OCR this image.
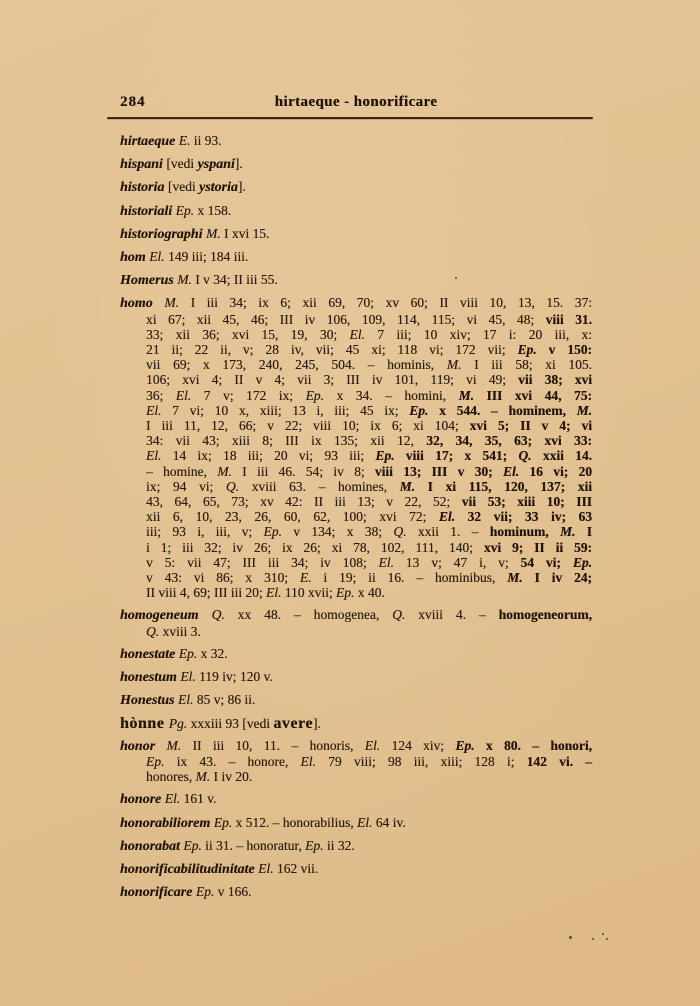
284	hirtaeque - honorificare
hirtaeque E. ii 93.
hispani [vedi yspani].
historia [vedi ystoria].
historiali Ep. x 158.
historiographi M. I xvi 15.
hom El. 149 iii; 184 iii.
Homerus M. I v 34; II iii 55.
homo M. I iii 34; ix 6; xii 69, 70; xv 60; II viii 10, 13, 15. 37:
xi 67; xii 45, 46; III iv 106, 109, 114, 115; vi 45, 48; viii 31.
33; xii 36; xvi 15, 19, 30; El. 7 iii; 10 xiv; 17 i: 20 iii, x:
21 ii; 22 ii, v; 28 iv, vii; 45 xi; 118 vi; 172 vii; Ep. v 150:
vii 69; x 173, 240, 245, 504. – hominis, M. I iii 58; xi 105.
106; xvi 4; II v 4; vii 3; III iv 101, 119; vi 49; vii 38; xvi
36; El. 7 v; 172 ix; Ep. x 34. – homini, M. III xvi 44, 75:
El. 7 vi; 10 x, xiii; 13 i, iii; 45 ix; Ep. x 544. – hominem, M.
I iii 11, 12, 66; v 22; viii 10; ix 6; xi 104; xvi 5; II v 4; vi
34: vii 43; xiii 8; III ix 135; xii 12, 32, 34, 35, 63; xvi 33:
El. 14 ix; 18 iii; 20 vi; 93 iii; Ep. viii 17; x 541; Q. xxii 14.
– homine, M. I iii 46. 54; iv 8; viii 13; III v 30; El. 16 vi; 20
ix; 94 vi; Q. xviii 63. – homines, M. I xi 115, 120, 137; xii
43, 64, 65, 73; xv 42: II iii 13; v 22, 52; vii 53; xiii 10; III
xii 6, 10, 23, 26, 60, 62, 100; xvi 72; El. 32 vii; 33 iv; 63
iii; 93 i, iii, v; Ep. v 134; x 38; Q. xxii 1. – hominum, M. I
i 1; iii 32; iv 26; ix 26; xi 78, 102, 111, 140; xvi 9; II ii 59:
v 5: vii 47; III iii 34; iv 108; El. 13 v; 47 i, v; 54 vi; Ep.
v 43: vi 86; x 310; E. i 19; ii 16. – hominibus, M. I iv 24;
II viii 4, 69; III iii 20; El. 110 xvii; Ep. x 40.
homogeneum Q. xx 48. – homogenea, Q. xviii 4. – homogeneorum,
Q. xviii 3.
honestate Ep. x 32.
honestum El. 119 iv; 120 v.
Honestus El. 85 v; 86 ii.
hònne Pg. xxxiii 93 [vedi avere].
honor M. II iii 10, 11. – honoris, El. 124 xiv; Ep. x 80. – honori,
Ep. ix 43. – honore, El. 79 viii; 98 iii, xiii; 128 i; 142 vi. –
honores, M. I iv 20.
honore El. 161 v.
honorabiliorem Ep. x 512. – honorabilius, El. 64 iv.
honorabat Ep. ii 31. – honoratur, Ep. ii 32.
honorificabilitudinitate El. 162 vii.
honorificare Ep. v 166.
